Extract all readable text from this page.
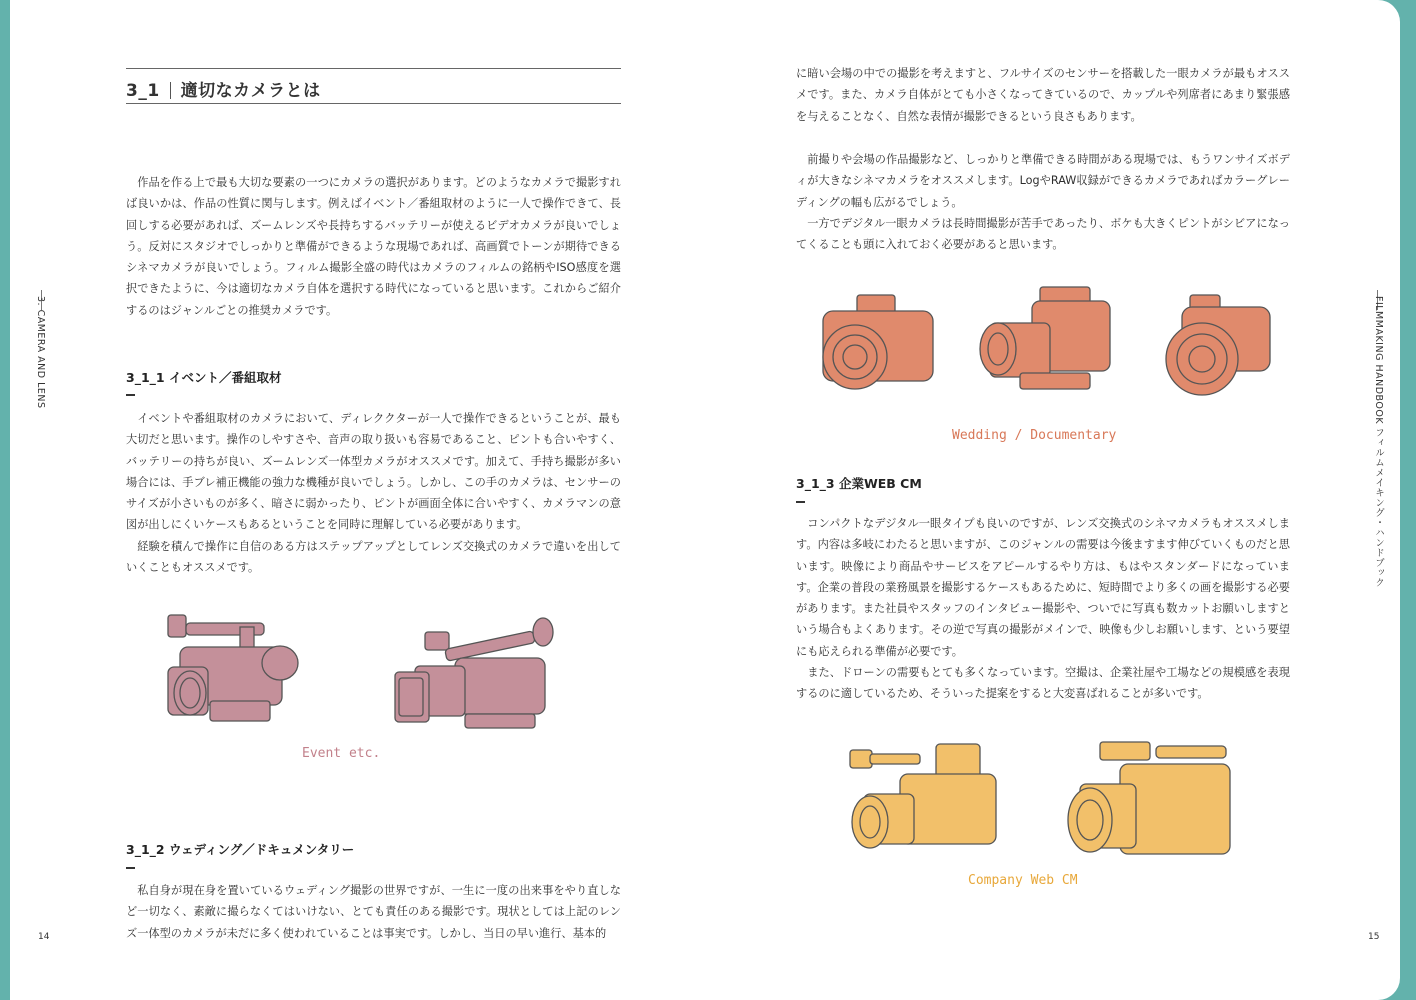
3_1 適切なカメラとは

作品を作る上で最も大切な要素の一つにカメラの選択があります。どのようなカメラで撮影すれば良いかは、作品の性質に関与します。例えばイベント／番組取材のように一人で操作できて、長回しする必要があれば、ズームレンズや長持ちするバッテリーが使えるビデオカメラが良いでしょう。反対にスタジオでしっかりと準備ができるような現場であれば、高画質でトーンが期待できるシネマカメラが良いでしょう。フィルム撮影全盛の時代はカメラのフィルムの銘柄やISO感度を選択できたように、今は適切なカメラ自体を選択する時代になっていると思います。これからご紹介するのはジャンルごとの推奨カメラです。

3_1_1 イベント／番組取材

イベントや番組取材のカメラにおいて、ディレククターが一人で操作できるということが、最も大切だと思います。操作のしやすさや、音声の取り扱いも容易であること、ピントも合いやすく、バッテリーの持ちが良い、ズームレンズ一体型カメラがオススメです。加えて、手持ち撮影が多い場合には、手ブレ補正機能の強力な機種が良いでしょう。しかし、この手のカメラは、センサーのサイズが小さいものが多く、暗さに弱かったり、ピントが画面全体に合いやすく、カメラマンの意図が出しにくいケースもあるということを同時に理解している必要があります。

経験を積んで操作に自信のある方はステップアップとしてレンズ交換式のカメラで違いを出していくこともオススメです。

Event etc.
3_1_2 ウェディング／ドキュメンタリー

私自身が現在身を置いているウェディング撮影の世界ですが、一生に一度の出来事をやり直しなど一切なく、素敵に撮らなくてはいけない、とても責任のある撮影です。現状としては上記のレンズ一体型のカメラが未だに多く使われていることは事実です。しかし、当日の早い進行、基本的

3. CAMERA AND LENS
14

に暗い会場の中での撮影を考えますと、フルサイズのセンサーを搭載した一眼カメラが最もオススメです。また、カメラ自体がとても小さくなってきているので、カップルや列席者にあまり緊張感を与えることなく、自然な表情が撮影できるという良さもあります。

前撮りや会場の作品撮影など、しっかりと準備できる時間がある現場では、もうワンサイズボディが大きなシネマカメラをオススメします。LogやRAW収録ができるカメラであればカラーグレーディングの幅も広がるでしょう。

一方でデジタル一眼カメラは長時間撮影が苦手であったり、ボケも大きくピントがシビアになってくることも頭に入れておく必要があると思います。

Wedding / Documentary
3_1_3 企業WEB CM

コンパクトなデジタル一眼タイプも良いのですが、レンズ交換式のシネマカメラもオススメします。内容は多岐にわたると思いますが、このジャンルの需要は今後ますます伸びていくものだと思います。映像により商品やサービスをアピールするやり方は、もはやスタンダードになっています。企業の普段の業務風景を撮影するケースもあるために、短時間でより多くの画を撮影する必要があります。また社員やスタッフのインタビュー撮影や、ついでに写真も数カットお願いしますという場合もよくあります。その逆で写真の撮影がメインで、映像も少しお願いします、という要望にも応えられる準備が必要です。

また、ドローンの需要もとても多くなっています。空撮は、企業社屋や工場などの規模感を表現するのに適しているため、そういった提案をすると大変喜ばれることが多いです。

Company Web CM
FILMMAKING HANDBOOK フィルムメイキング・ハンドブック
15
